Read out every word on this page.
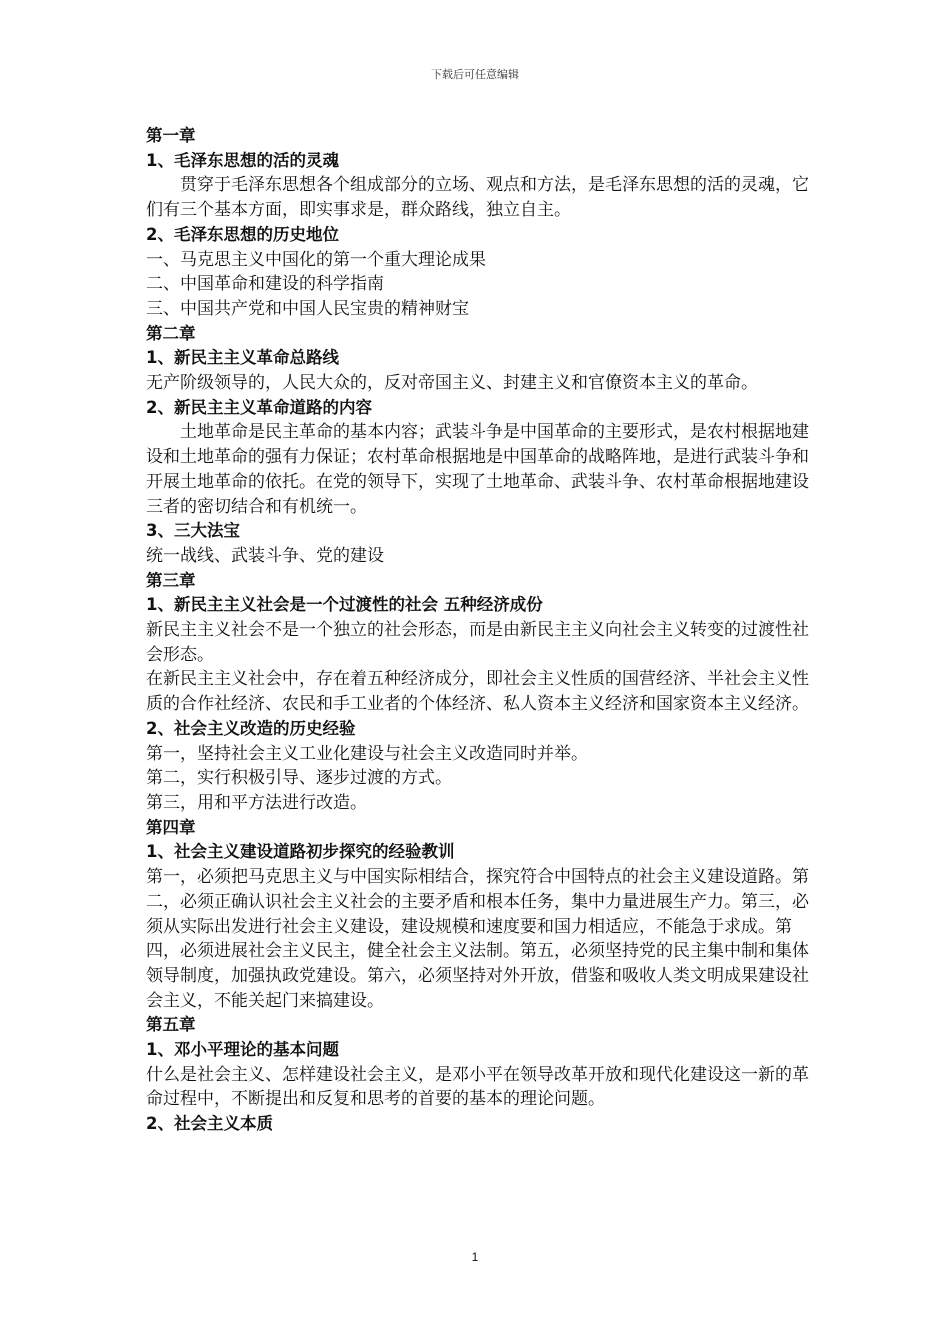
下载后可任意编辑

第一章

1、毛泽东思想的活的灵魂

贯穿于毛泽东思想各个组成部分的立场、观点和方法，是毛泽东思想的活的灵魂，它们有三个基本方面，即实事求是，群众路线，独立自主。

2、毛泽东思想的历史地位

一、马克思主义中国化的第一个重大理论成果

二、中国革命和建设的科学指南

三、中国共产党和中国人民宝贵的精神财宝

第二章

1、新民主主义革命总路线

无产阶级领导的，人民大众的，反对帝国主义、封建主义和官僚资本主义的革命。

2、新民主主义革命道路的内容

土地革命是民主革命的基本内容；武装斗争是中国革命的主要形式，是农村根据地建设和土地革命的强有力保证；农村革命根据地是中国革命的战略阵地，是进行武装斗争和开展土地革命的依托。在党的领导下，实现了土地革命、武装斗争、农村革命根据地建设三者的密切结合和有机统一。

3、三大法宝

统一战线、武装斗争、党的建设

第三章

1、新民主主义社会是一个过渡性的社会 五种经济成份

新民主主义社会不是一个独立的社会形态，而是由新民主主义向社会主义转变的过渡性社会形态。

在新民主主义社会中，存在着五种经济成分，即社会主义性质的国营经济、半社会主义性质的合作社经济、农民和手工业者的个体经济、私人资本主义经济和国家资本主义经济。

2、社会主义改造的历史经验

第一，坚持社会主义工业化建设与社会主义改造同时并举。

第二，实行积极引导、逐步过渡的方式。

第三，用和平方法进行改造。

第四章

1、社会主义建设道路初步探究的经验教训

第一，必须把马克思主义与中国实际相结合，探究符合中国特点的社会主义建设道路。第二，必须正确认识社会主义社会的主要矛盾和根本任务，集中力量进展生产力。第三，必须从实际出发进行社会主义建设，建设规模和速度要和国力相适应，不能急于求成。第四，必须进展社会主义民主，健全社会主义法制。第五，必须坚持党的民主集中制和集体领导制度，加强执政党建设。第六，必须坚持对外开放，借鉴和吸收人类文明成果建设社会主义，不能关起门来搞建设。

第五章

1、邓小平理论的基本问题

什么是社会主义、怎样建设社会主义，是邓小平在领导改革开放和现代化建设这一新的革命过程中，不断提出和反复和思考的首要的基本的理论问题。

2、社会主义本质

1
